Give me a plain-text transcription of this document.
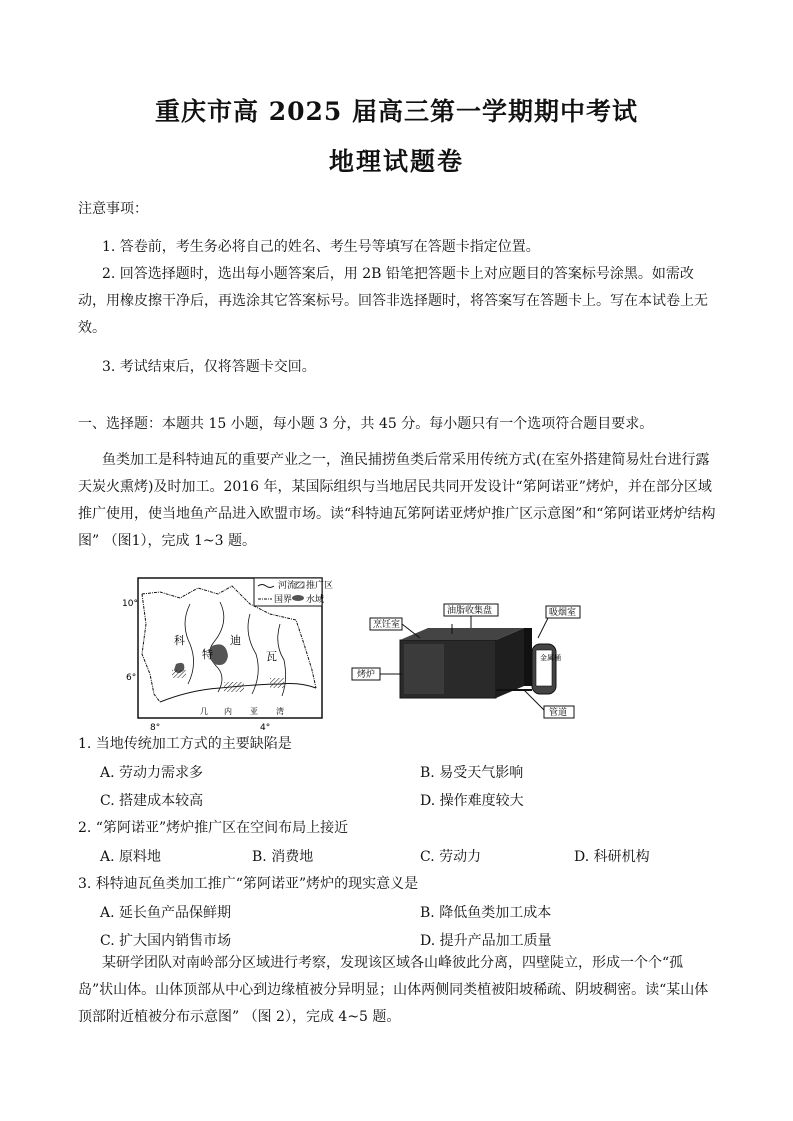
重庆市高 2025 届高三第一学期期中考试
地理试题卷
注意事项：
1. 答卷前，考生务必将自己的姓名、考生号等填写在答题卡指定位置。
2. 回答选择题时，选出每小题答案后，用 2B 铅笔把答题卡上对应题目的答案标号涂黑。如需改动，用橡皮擦干净后，再选涂其它答案标号。回答非选择题时，将答案写在答题卡上。写在本试卷上无效。
3. 考试结束后，仅将答题卡交回。
一、选择题：本题共 15 小题，每小题 3 分，共 45 分。每小题只有一个选项符合题目要求。
鱼类加工是科特迪瓦的重要产业之一，渔民捕捞鱼类后常采用传统方式(在室外搭建简易灶台进行露天炭火熏烤)及时加工。2016 年，某国际组织与当地居民共同开发设计“笫阿诺亚”烤炉，并在部分区域推广使用，使当地鱼产品进入欧盟市场。读“科特迪瓦笫阿诺亚烤炉推广区示意图”和“笫阿诺亚烤炉结构图” （图1），完成 1~3 题。
河流 推广区
国界 水域
科
特
迪
瓦
几 内 亚 湾
10°
6°
8°	4°
金属桶
油脂收集盘
烹饪室
吸烟室
烤炉
管道
1. 当地传统加工方式的主要缺陷是
A. 劳动力需求多	B. 易受天气影响
C. 搭建成本较高	D. 操作难度较大
2. “笫阿诺亚”烤炉推广区在空间布局上接近
A. 原料地	B. 消费地	C. 劳动力	D. 科研机构
3. 科特迪瓦鱼类加工推广“笫阿诺亚”烤炉的现实意义是
A. 延长鱼产品保鲜期	B. 降低鱼类加工成本
C. 扩大国内销售市场	D. 提升产品加工质量
某研学团队对南岭部分区域进行考察，发现该区域各山峰彼此分离，四壁陡立，形成一个个“孤岛”状山体。山体顶部从中心到边缘植被分异明显；山体两侧同类植被阳坡稀疏、阴坡稠密。读“某山体顶部附近植被分布示意图” （图 2），完成 4~5 题。
